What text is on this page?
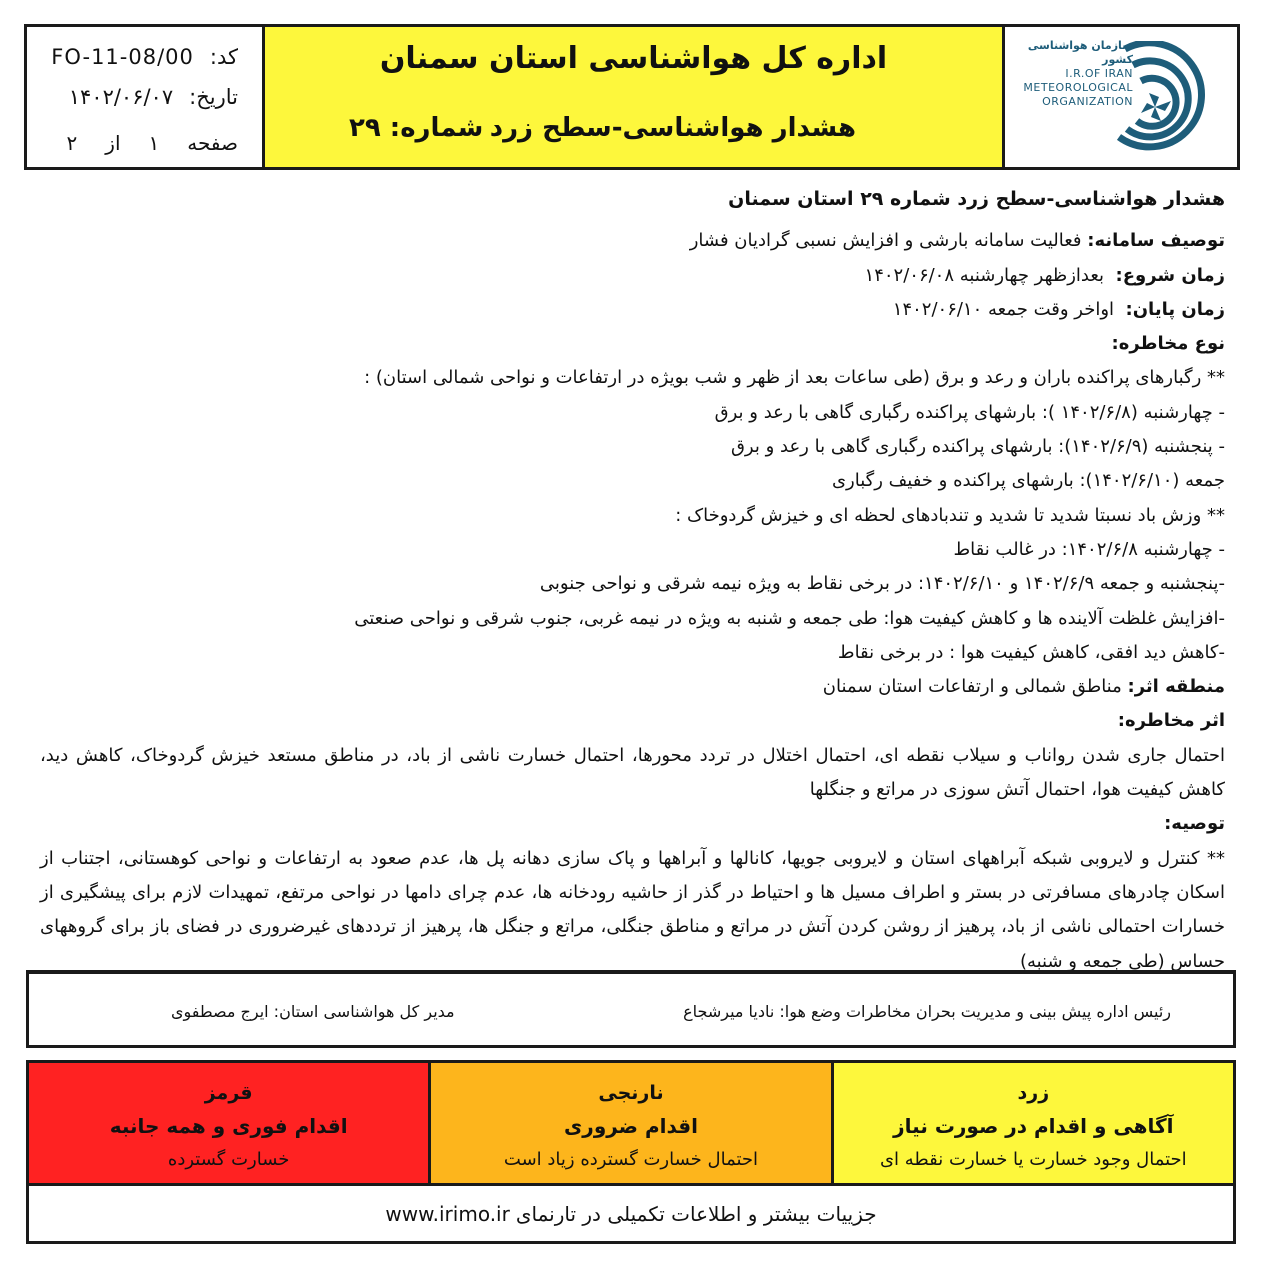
کد:
FO-11-08/00
تاریخ:
۱۴۰۲/۰۶/۰۷
صفحه
۱
از
۲
اداره کل هواشناسی استان سمنان
هشدار هواشناسی-سطح زرد
شماره: ۲۹
سازمان هواشناسی کشور
I.R.OF IRAN
METEOROLOGICAL
ORGANIZATION

هشدار هواشناسی-سطح زرد شماره ۲۹ استان سمنان

توصیف سامانه: فعالیت سامانه بارشی و افزایش نسبی گرادیان فشار

زمان شروع:  بعدازظهر چهارشنبه ۱۴۰۲/۰۶/۰۸

زمان پایان:  اواخر وقت جمعه ۱۴۰۲/۰۶/۱۰

نوع مخاطره:

** رگبارهای پراکنده باران و رعد و برق (طی ساعات بعد از ظهر و شب بویژه در ارتفاعات و نواحی شمالی استان) :

- چهارشنبه (۱۴۰۲/۶/۸ ): بارشهای پراکنده رگباری گاهی با رعد و برق

- پنجشنبه (۱۴۰۲/۶/۹): بارشهای پراکنده رگباری گاهی با رعد و برق

جمعه (۱۴۰۲/۶/۱۰): بارشهای پراکنده و خفیف رگباری

** وزش باد نسبتا شدید تا شدید و تندبادهای لحظه ای و خیزش گردوخاک :

- چهارشنبه ۱۴۰۲/۶/۸: در غالب نقاط

-پنجشنبه و جمعه ۱۴۰۲/۶/۹ و ۱۴۰۲/۶/۱۰: در برخی نقاط به ویژه نیمه شرقی و نواحی جنوبی

-افزایش غلظت آلاینده ها و کاهش کیفیت هوا: طی جمعه و شنبه به ویژه در نیمه غربی، جنوب شرقی و نواحی صنعتی

-کاهش دید افقی، کاهش کیفیت هوا : در برخی نقاط

منطقه اثر: مناطق شمالی و ارتفاعات استان سمنان

اثر مخاطره:

احتمال جاری شدن رواناب و سیلاب نقطه ای، احتمال اختلال در تردد محورها، احتمال خسارت ناشی از باد، در مناطق مستعد خیزش گردوخاک، کاهش دید، کاهش کیفیت هوا، احتمال آتش سوزی در مراتع و جنگلها

توصیه:

** کنترل و لایروبی شبکه آبراههای استان و لایروبی جویها، کانالها و آبراهها و پاک سازی دهانه پل ها، عدم صعود به ارتفاعات و نواحی کوهستانی، اجتناب از اسکان چادرهای مسافرتی در بستر و اطراف مسیل ها و احتیاط در گذر از حاشیه رودخانه ها، عدم چرای دامها در نواحی مرتفع، تمهیدات لازم برای پیشگیری از خسارات احتمالی ناشی از باد، پرهیز از روشن کردن آتش در مراتع و مناطق جنگلی، مراتع و جنگل ها، پرهیز از ترددهای غیرضروری در فضای باز برای گروههای حساس (طی جمعه و شنبه)

رئیس اداره پیش بینی و مدیریت بحران مخاطرات وضع هوا: نادیا میرشجاع
مدیر کل هواشناسی استان: ایرج مصطفوی
قرمز
اقدام فوری و همه جانبه
خسارت گسترده
نارنجی
اقدام ضروری
احتمال خسارت گسترده زیاد است
زرد
آگاهی و اقدام در صورت نیاز
احتمال وجود خسارت یا خسارت نقطه ای
جزییات بیشتر و اطلاعات تکمیلی در تارنمای
www.irimo.ir
